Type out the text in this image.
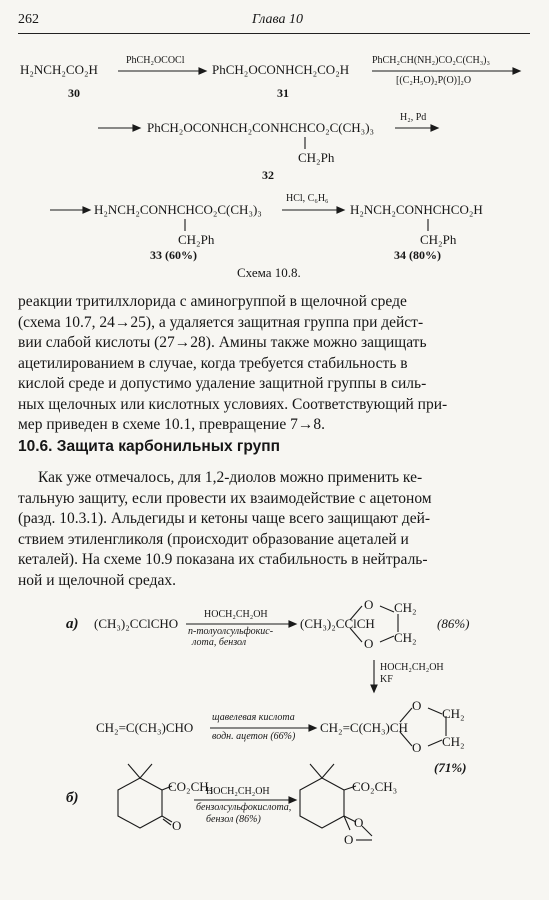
262	Глава 10
H₂NCH₂CO₂H
30
PhCH₂OCOCl
PhCH₂OCONHCH₂CO₂H
31
PhCH₂CH(NH₂)CO₂C(CH₃)₃
[(C₂H₅O)₂P(O)]₂O
PhCH₂OCONHCH₂CONHCHCO₂C(CH₃)₃
CH₂Ph
32
H₂, Pd
H₂NCH₂CONHCHCO₂C(CH₃)₃
CH₂Ph
33 (60%)
HCl, C₆H₆
H₂NCH₂CONHCHCO₂H
CH₂Ph
34 (80%)
Схема 10.8.
реакции тритилхлорида с аминогруппой в щелочной среде
(схема 10.7, 24→25), а удаляется защитная группа при дейст-
вии слабой кислоты (27→28). Амины также можно защищать
ацетилированием в случае, когда требуется стабильность в
кислой среде и допустимо удаление защитной группы в силь-
ных щелочных или кислотных условиях. Соответствующий при-
мер приведен в схеме 10.1, превращение 7→8.
10.6. Защита карбонильных групп
Как уже отмечалось, для 1,2-диолов можно применить ке-
тальную защиту, если провести их взаимодействие с ацетоном
(разд. 10.3.1). Альдегиды и кетоны чаще всего защищают дей-
ствием этиленгликоля (происходит образование ацеталей и
кеталей). На схеме 10.9 показана их стабильность в нейтраль-
ной и щелочной средах.
а) (CH₃)₂CClCHO
HOCH₂CH₂OH
п-толуолсульфокис-
лота, бензол
(CH₃)₂CClCH
O
O
CH₂
CH₂
(86%)
HOCH₂CH₂OH
KF
CH₂=C(CH₃)CHO
щавелевая кислота
водн. ацетон (66%)
CH₂=C(CH₃)CH
O
O
CH₂
CH₂
(71%)
б)
CO₂CH₃
O
HOCH₂CH₂OH
бензолсульфокислота,
бензол (86%)
CO₂CH₃
O
O
